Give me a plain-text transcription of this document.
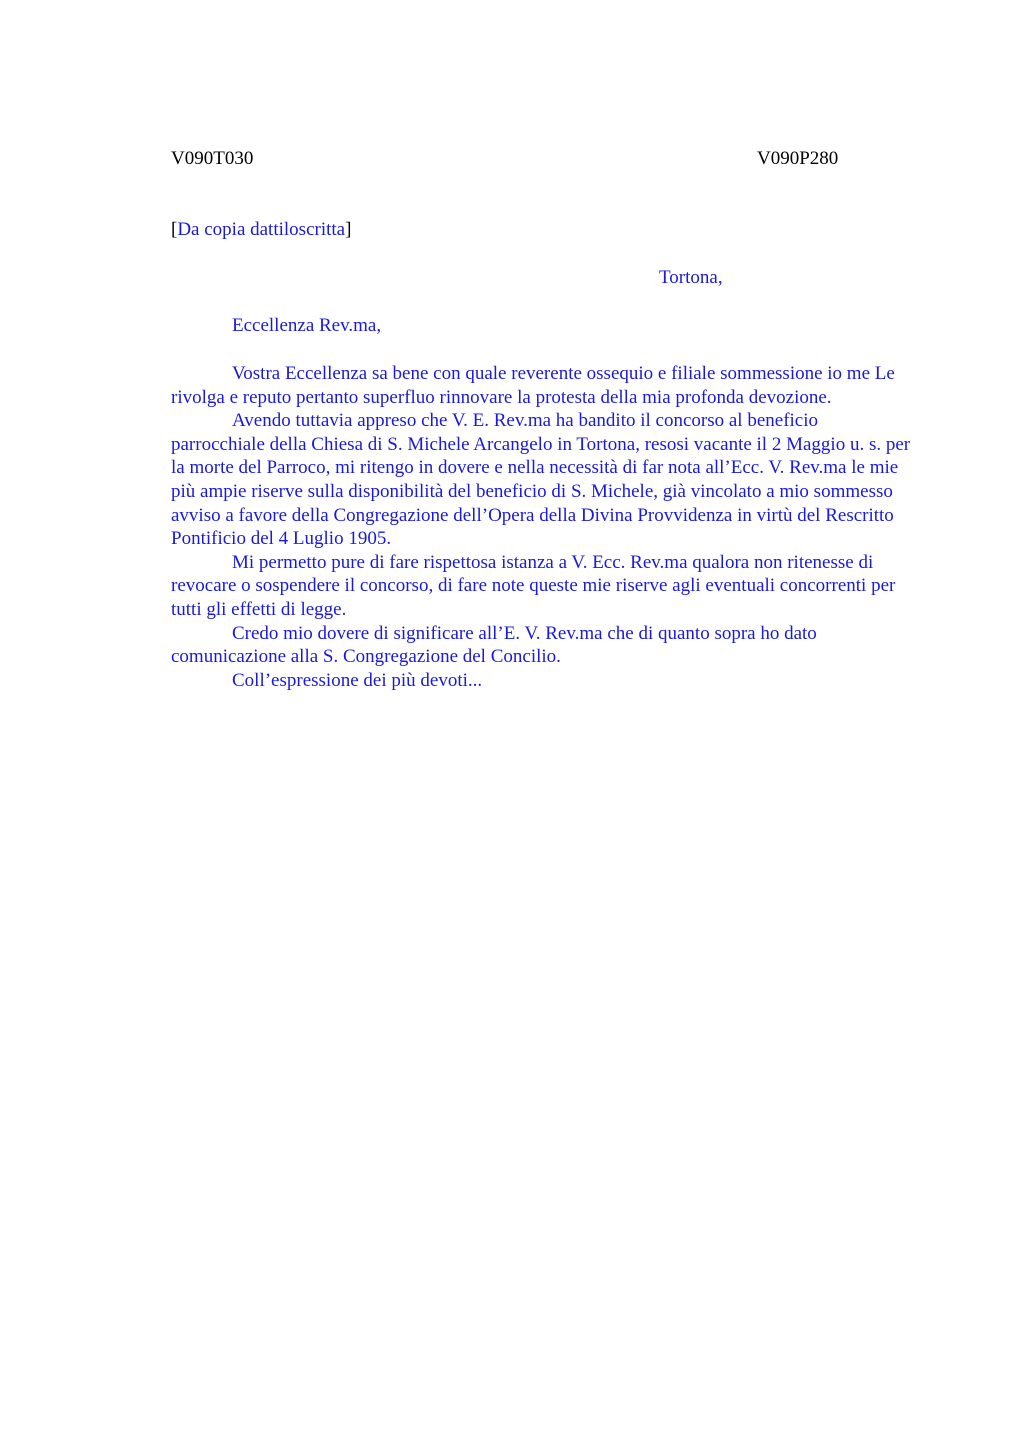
V090T030	V090P280
[Da copia dattiloscritta]
Tortona,
Eccellenza Rev.ma,

Vostra Eccellenza sa bene con quale reverente ossequio e filiale sommessione io me Le rivolga e reputo pertanto superfluo rinnovare la protesta della mia profonda devozione.

Avendo tuttavia appreso che V. E. Rev.ma ha bandito il concorso al beneficio parrocchiale della Chiesa di S. Michele Arcangelo in Tortona, resosi vacante il 2 Maggio u. s. per la morte del Parroco, mi ritengo in dovere e nella necessità di far nota all’Ecc. V. Rev.ma le mie più ampie riserve sulla disponibilità del beneficio di S. Michele, già vincolato a mio sommesso avviso a favore della Congregazione dell’Opera della Divina Provvidenza in virtù del Rescritto Pontificio del 4 Luglio 1905.

Mi permetto pure di fare rispettosa istanza a V. Ecc. Rev.ma qualora non ritenesse di revocare o sospendere il concorso, di fare note queste mie riserve agli eventuali concorrenti per tutti gli effetti di legge.

Credo mio dovere di significare all’E. V. Rev.ma che di quanto sopra ho dato comunicazione alla S. Congregazione del Concilio.

Coll’espressione dei più devoti...
